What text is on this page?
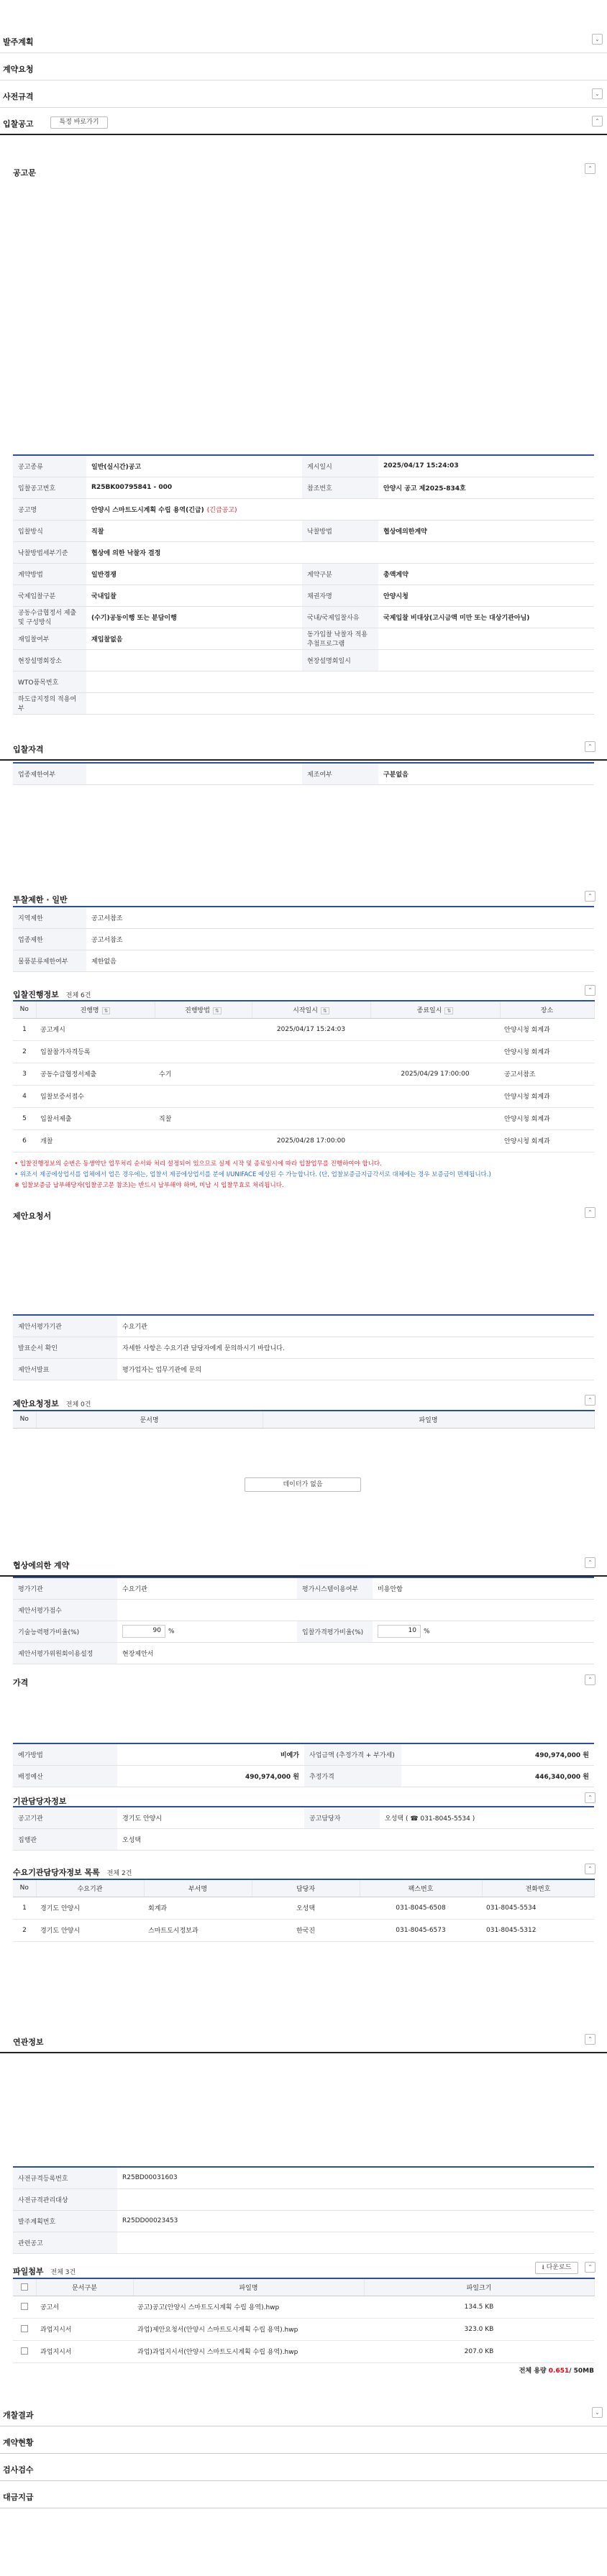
발주계획	⌄
계약요청
사전규격	⌄
입찰공고	특정 바로가기	⌃
공고문	⌃
공고종류	일반(실시간)공고	게시일시	2025/04/17 15:24:03
입찰공고번호	R25BK00795841 - 000	참조번호	안양시 공고 제2025-834호
공고명	안양시 스마트도시계획 수립 용역(긴급) (긴급공고)		
입찰방식	직찰	낙찰방법	협상에의한계약
낙찰방법세부기준	협상에 의한 낙찰자 결정		
계약방법	일반경쟁	계약구분	총액계약
국제입찰구분	국내입찰	채권자명	안양시청
공동수급협정서 제출 및 구성방식	(수기)공동이행 또는 분담이행	국내/국제입찰사유	국제입찰 비대상(고시금액 미만 또는 대상기관아님)
재입찰여부	재입찰없음	동가입찰 낙찰자 적용추첨프로그램	
현장설명회장소		현장설명회일시	
WTO품목번호			
하도급지정의 적용여부			
입찰자격	⌃
업종제한여부		제조여부	구분없음
투찰제한 · 일반	⌃
지역제한	공고서참조
업종제한	공고서참조
물품분류제한여부	제한없음
입찰진행정보 전체 6건
⌃
No	진행명 ⇅	진행방법 ⇅	시작일시 ⇅	종료일시 ⇅	장소
1	공고게시		2025/04/17 15:24:03		안양시청 회계과
2	입찰참가자격등록				안양시청 회계과
3	공동수급협정서제출	수기		2025/04/29 17:00:00	공고서참조
4	입찰보증서접수				안양시청 회계과
5	입찰서제출	직찰			안양시청 회계과
6	개찰		2025/04/28 17:00:00		안양시청 회계과
• 입찰진행정보의 순번은 동생약단 업무처리 순서와 처리 설정되어 있으므로 실제 시작 및 종료일시에 따라 입찰업무를 진행하여야 합니다.
• 위조서 제공에상업서를 업체에서 업은 경우에는, 업찰서 제공에상업서를 분에 I/UNIFACE 예상된 수 가능합니다. (단, 업찰보증금지급각서로 대체에는 경우 보증금이 면제됩니다.)
※ 입찰보증금 납부해당자(입찰공고문 참조)는 반드시 납부해야 하며, 미납 시 입찰무효로 처리됩니다.
제안요청서	⌃
제안서평가기관	수요기관
발표순서 확인	자세한 사항은 수요기관 담당자에게 문의하시기 바랍니다.
제안서발표	평가업자는 업무기관에 문의
제안요청정보 전체 0건
⌃
No	문서명	파일명
데이터가 없음
협상에의한 계약	⌃
평가기관	수요기관	평가시스템이용여부	미용안함
제안서평가점수			
기술능력평가비율(%)	90 %	입찰가격평가비율(%)	10 %
제안서평가위원회이용설정	현장제안서		
가격	⌃
예가방법	비예가	사업금액 (추정가격 + 부가세)	490,974,000 원
배정예산	490,974,000 원	추정가격	446,340,000 원
기관담당자정보	⌃
공고기관	경기도 안양시	공고담당자	오성택 ( ☎ 031-8045-5534 )
집행관	오성택		
수요기관담당자정보 목록 전체 2건
⌃
No	수요기관	부서명	담당자	팩스번호	전화번호
1	경기도 안양시	회계과	오성택	031-8045-6508	031-8045-5534
2	경기도 안양시	스마트도시정보과	한국진	031-8045-6573	031-8045-5312
연관정보	⌃
사전규격등록번호	R25BD00031603
사전규격관리대상	
발주계획번호	R25DD00023453
관련공고	
파일첨부 전체 3건
⭳ 다운로드	⌃
	문서구분	파일명	파일크기
	공고서	공고)공고(안양시 스마트도시계획 수립 용역).hwp	134.5 KB
	과업지시서	과업)제안요청서(안양시 스마트도시계획 수립 용역).hwp	323.0 KB
	과업지시서	과업)과업지시서(안양시 스마트도시계획 수립 용역).hwp	207.0 KB
전체 용량 0.651/ 50MB
개찰결과	⌄
계약현황
검사검수
대금지급
